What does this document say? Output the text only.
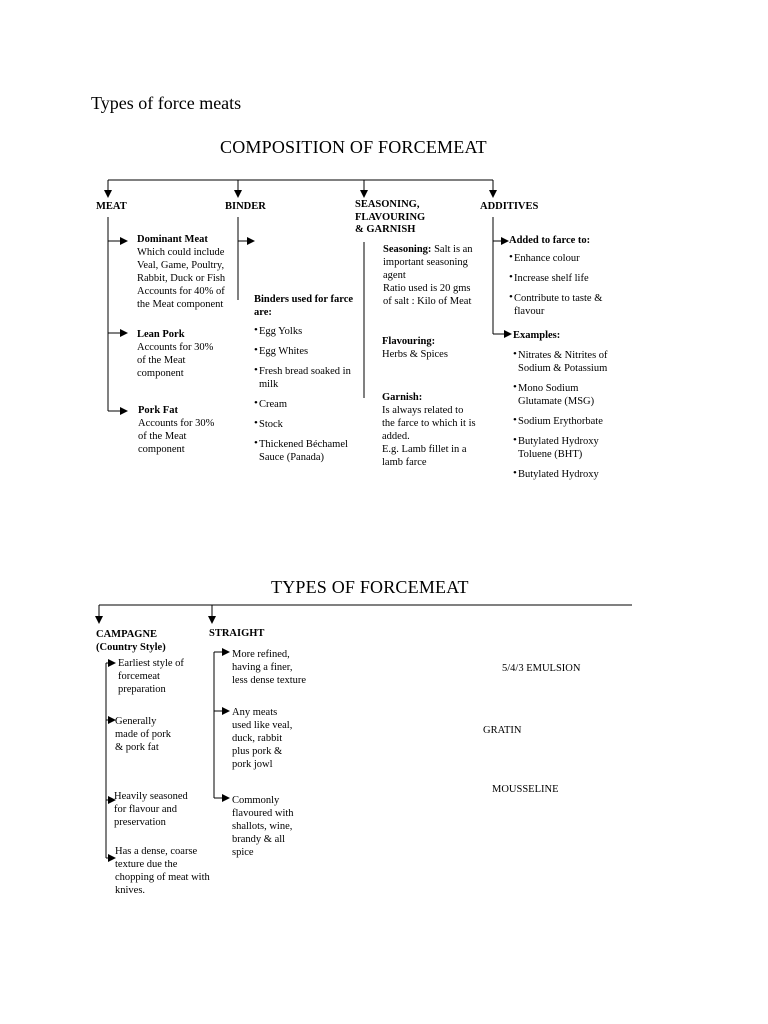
Types of force meats
COMPOSITION OF FORCEMEAT
MEAT	BINDER	SEASONING,
FLAVOURING
& GARNISH
ADDITIVES
Dominant Meat
Which could include Veal, Game, Poultry, Rabbit, Duck or Fish Accounts for 40% of the Meat component
Lean Pork
Accounts for 30% of the Meat component
Pork Fat
Accounts for 30% of the Meat component
Binders used for farce are:
• Egg Yolks
• Egg Whites
• Fresh bread soaked in milk
• Cream
• Stock
• Thickened Béchamel Sauce (Panada)
Seasoning: Salt is an important seasoning agent
Ratio used is 20 gms of salt : Kilo of Meat
Flavouring:
Herbs & Spices
Garnish:
Is always related to the farce to which it is added.
E.g. Lamb fillet in a lamb farce
Added to farce to:
• Enhance colour
• Increase shelf life
• Contribute to taste & flavour
Examples:
• Nitrates & Nitrites of Sodium & Potassium
• Mono Sodium Glutamate (MSG)
• Sodium Erythorbate
• Butylated Hydroxy Toluene (BHT)
• Butylated Hydroxy
TYPES OF FORCEMEAT
CAMPAGNE
(Country Style)
STRAIGHT
Earliest style of forcemeat preparation
Generally made of pork & pork fat
Heavily seasoned for flavour and preservation
Has a dense, coarse texture due the chopping of meat with knives.
More refined, having a finer, less dense texture
Any meats used like veal, duck, rabbit plus pork & pork jowl
Commonly flavoured with shallots, wine, brandy & all spice
5/4/3 EMULSION
GRATIN
MOUSSELINE
